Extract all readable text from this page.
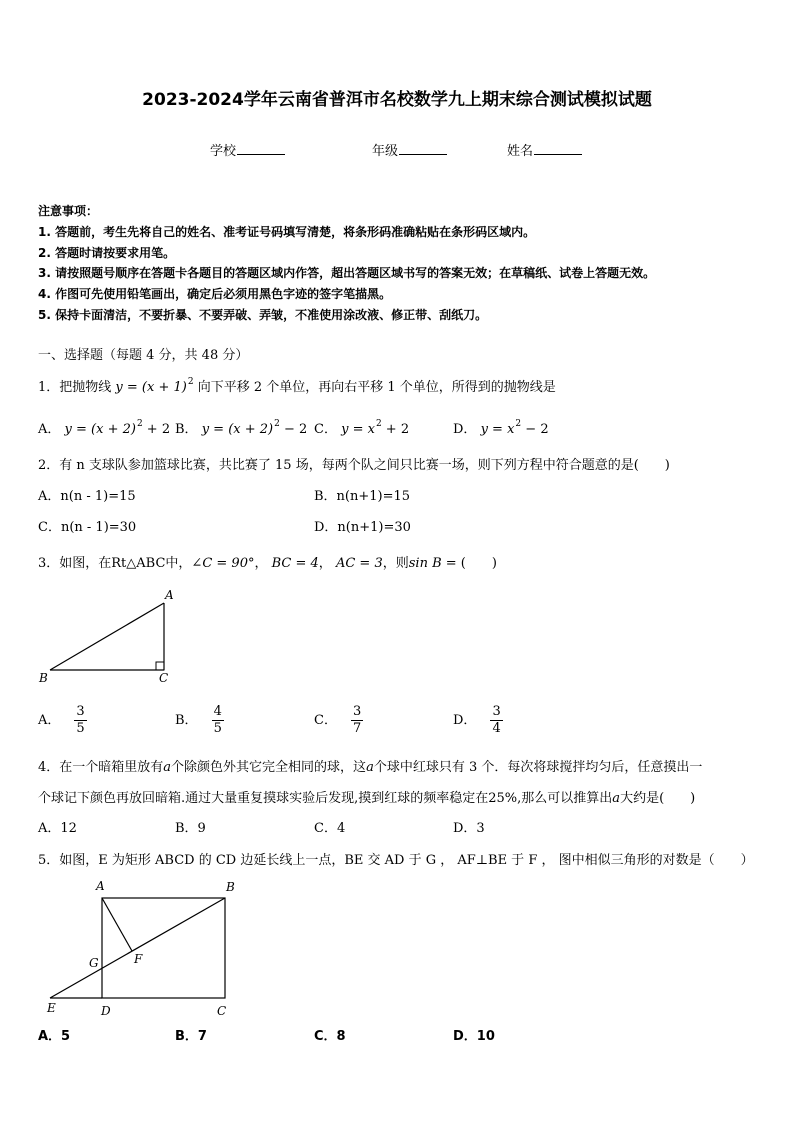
2023-2024学年云南省普洱市名校数学九上期末综合测试模拟试题
学校	年级	姓名
注意事项：
1. 答题前，考生先将自己的姓名、准考证号码填写清楚，将条形码准确粘贴在条形码区域内。
2. 答题时请按要求用笔。
3. 请按照题号顺序在答题卡各题目的答题区域内作答，超出答题区域书写的答案无效；在草稿纸、试卷上答题无效。
4. 作图可先使用铅笔画出，确定后必须用黑色字迹的签字笔描黑。
5. 保持卡面清洁，不要折暴、不要弄破、弄皱，不准使用涂改液、修正带、刮纸刀。
一、选择题（每题 4 分，共 48 分）
1．把抛物线 $y = (x + 1)^2$ 向下平移 2 个单位，再向右平移 1 个单位，所得到的抛物线是
A． $y = (x + 2)^2 + 2$ B． $y = (x + 2)^2 - 2$ C． $y = x^2 + 2$	D． $y = x^2 - 2$
2．有 n 支球队参加篮球比赛，共比赛了 15 场，每两个队之间只比赛一场，则下列方程中符合题意的是(　　)
A．n(n - 1)=15	B．n(n+1)=15
C．n(n - 1)=30	D．n(n+1)=30
3．如图，在Rt△ABC中，∠C = 90°， BC = 4， AC = 3，则sin B = (　　)
A
B	C
A． $\frac{3}{5}$	B． $\frac{4}{5}$	C． $\frac{3}{7}$	D． $\frac{3}{4}$
4．在一个暗箱里放有a个除颜色外其它完全相同的球，这a个球中红球只有 3 个．每次将球搅拌均匀后，任意摸出一
个球记下颜色再放回暗箱.通过大量重复摸球实验后发现,摸到红球的频率稳定在25%,那么可以推算出a大约是(　　)
A．12	B．9	C．4	D．3
5．如图，E 为矩形 ABCD 的 CD 边延长线上一点，BE 交 AD 于 G ， AF⊥BE 于 F ， 图中相似三角形的对数是（　　）
A	B
G	F
E	D	C
A．5	B．7	C．8	D．10
